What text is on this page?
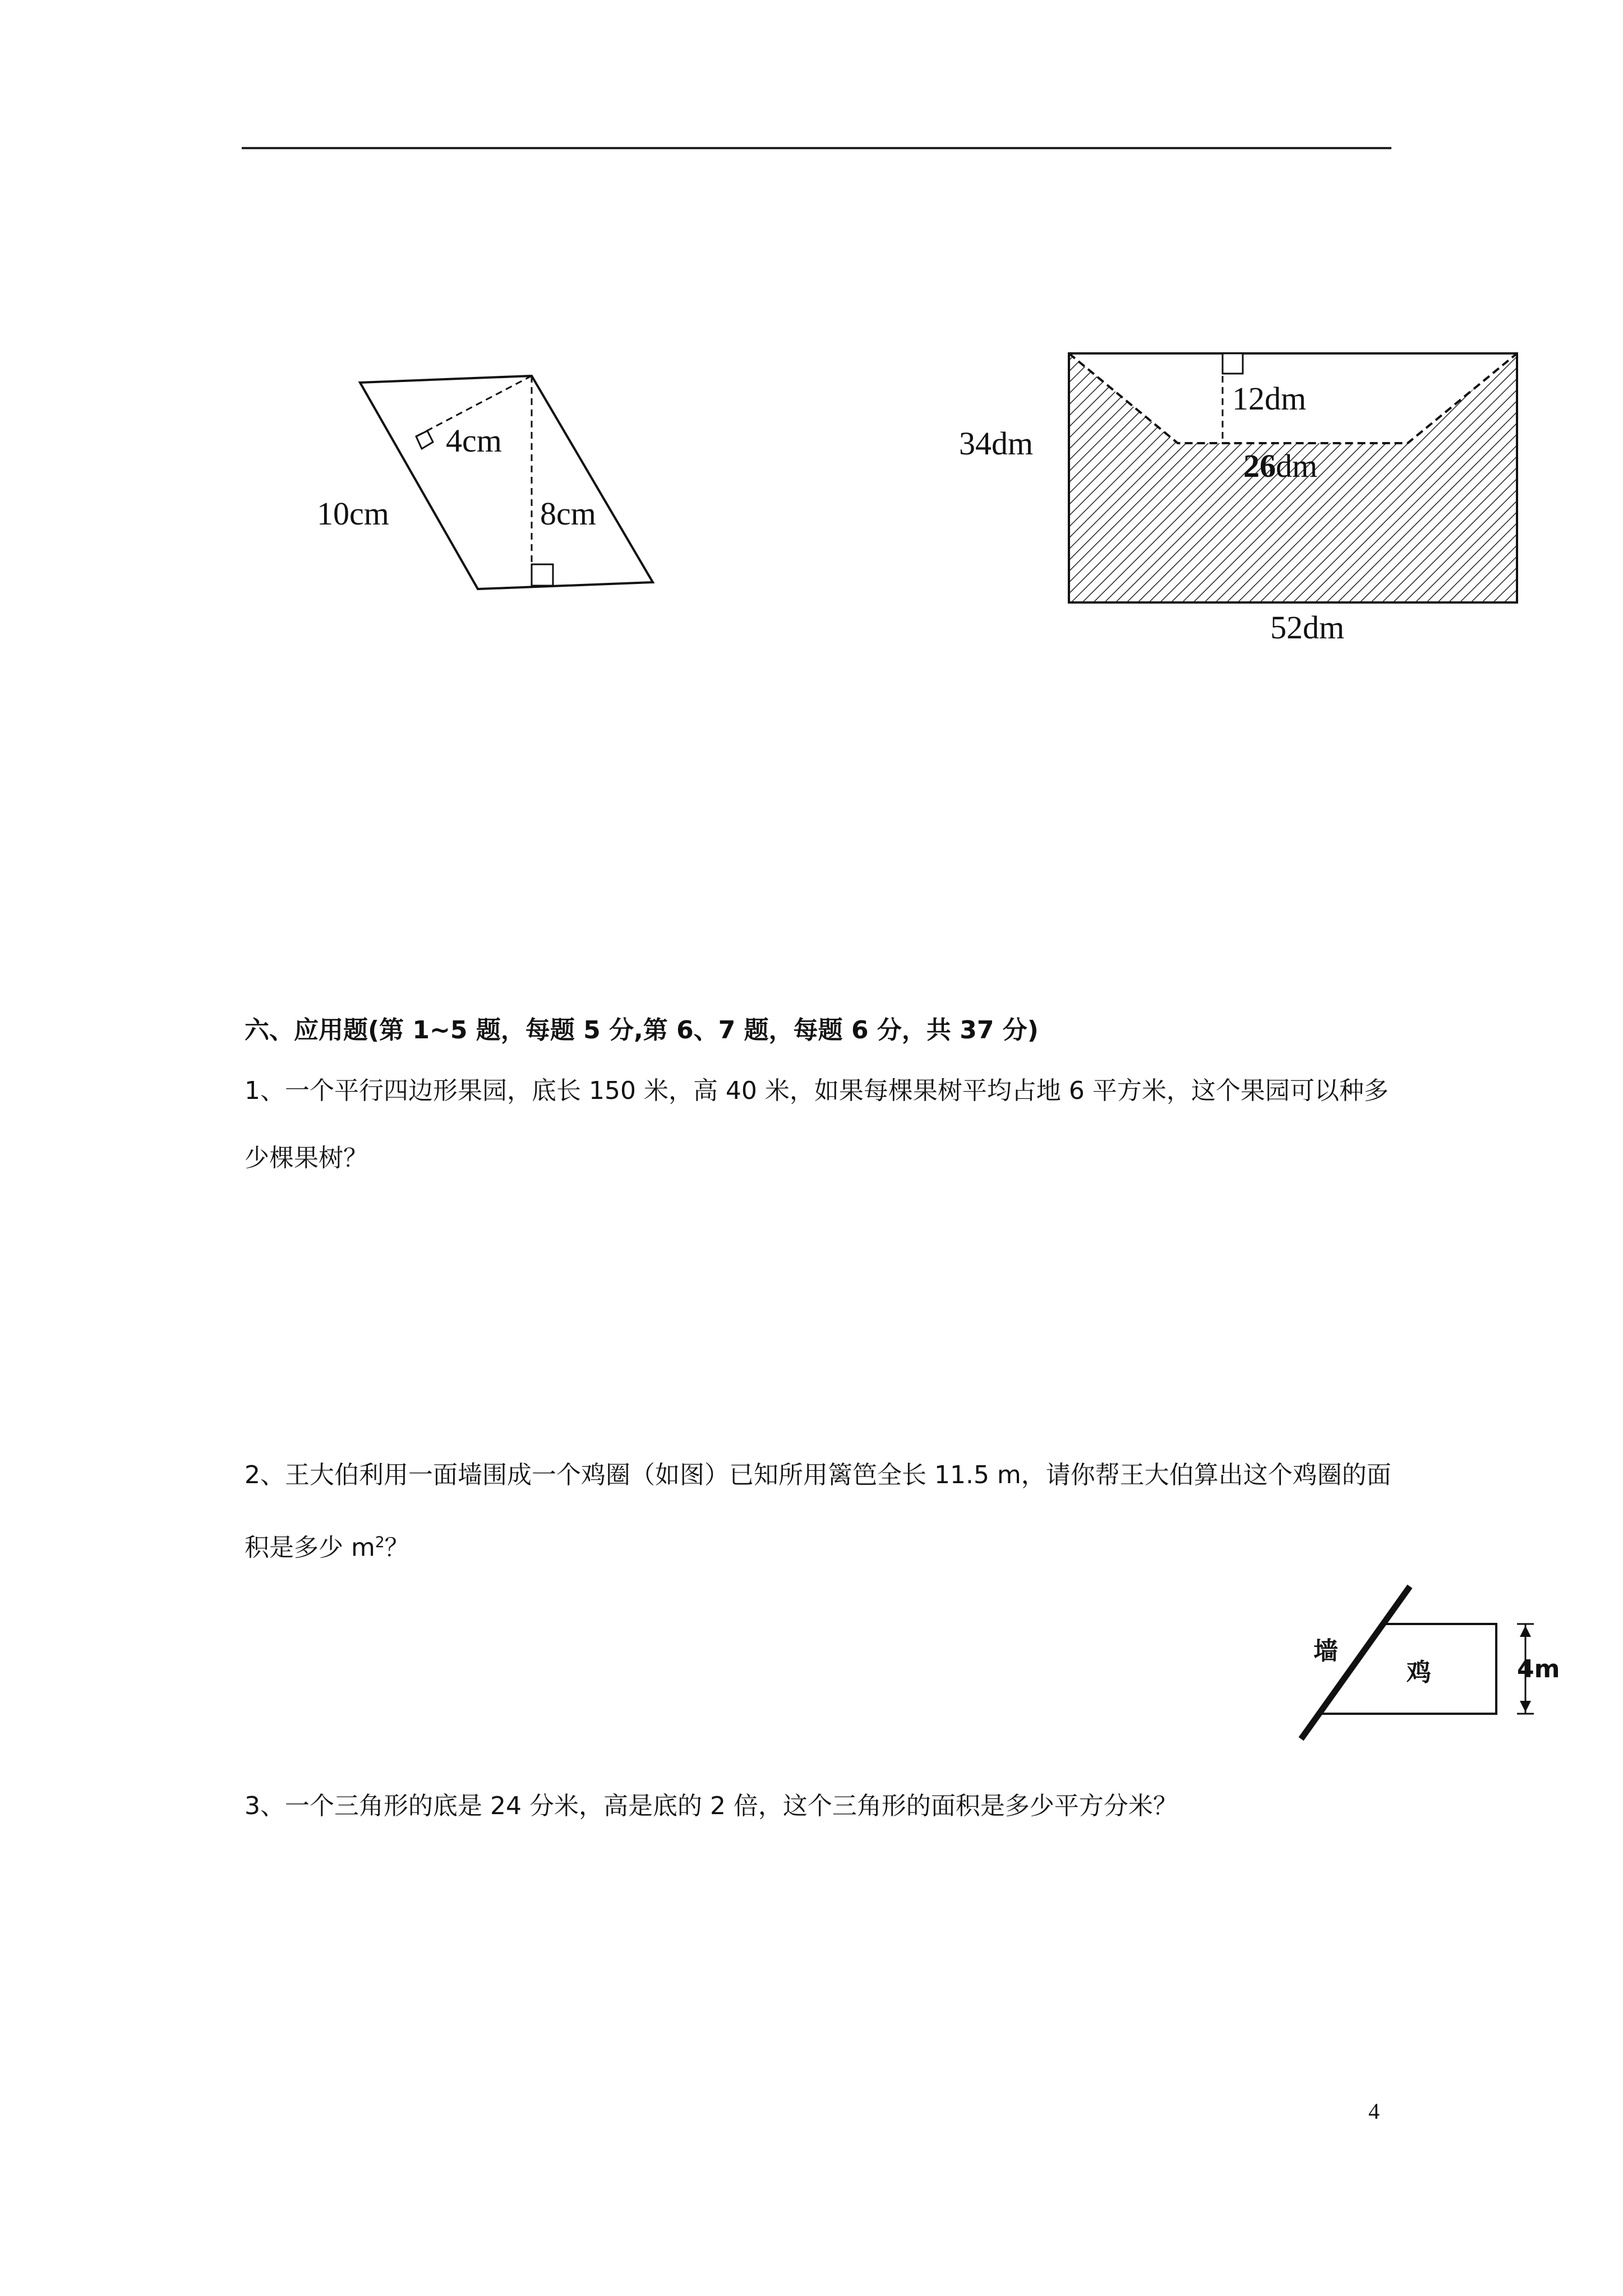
4cm
10cm	8cm
12dm
34dm
26dm
52dm
六、应用题(第 1~5 题，每题 5 分,第 6、7 题，每题 6 分，共 37 分)
1、一个平行四边形果园，底长 150 米，高 40 米，如果每棵果树平均占地 6 平方米，这个果园可以种多少棵果树？
2、王大伯利用一面墙围成一个鸡圈（如图）已知所用篱笆全长 11.5 m，请你帮王大伯算出这个鸡圈的面积是多少 $m^2$？
墙
鸡	4m
3、一个三角形的底是 24 分米，高是底的 2 倍，这个三角形的面积是多少平方分米？
4
